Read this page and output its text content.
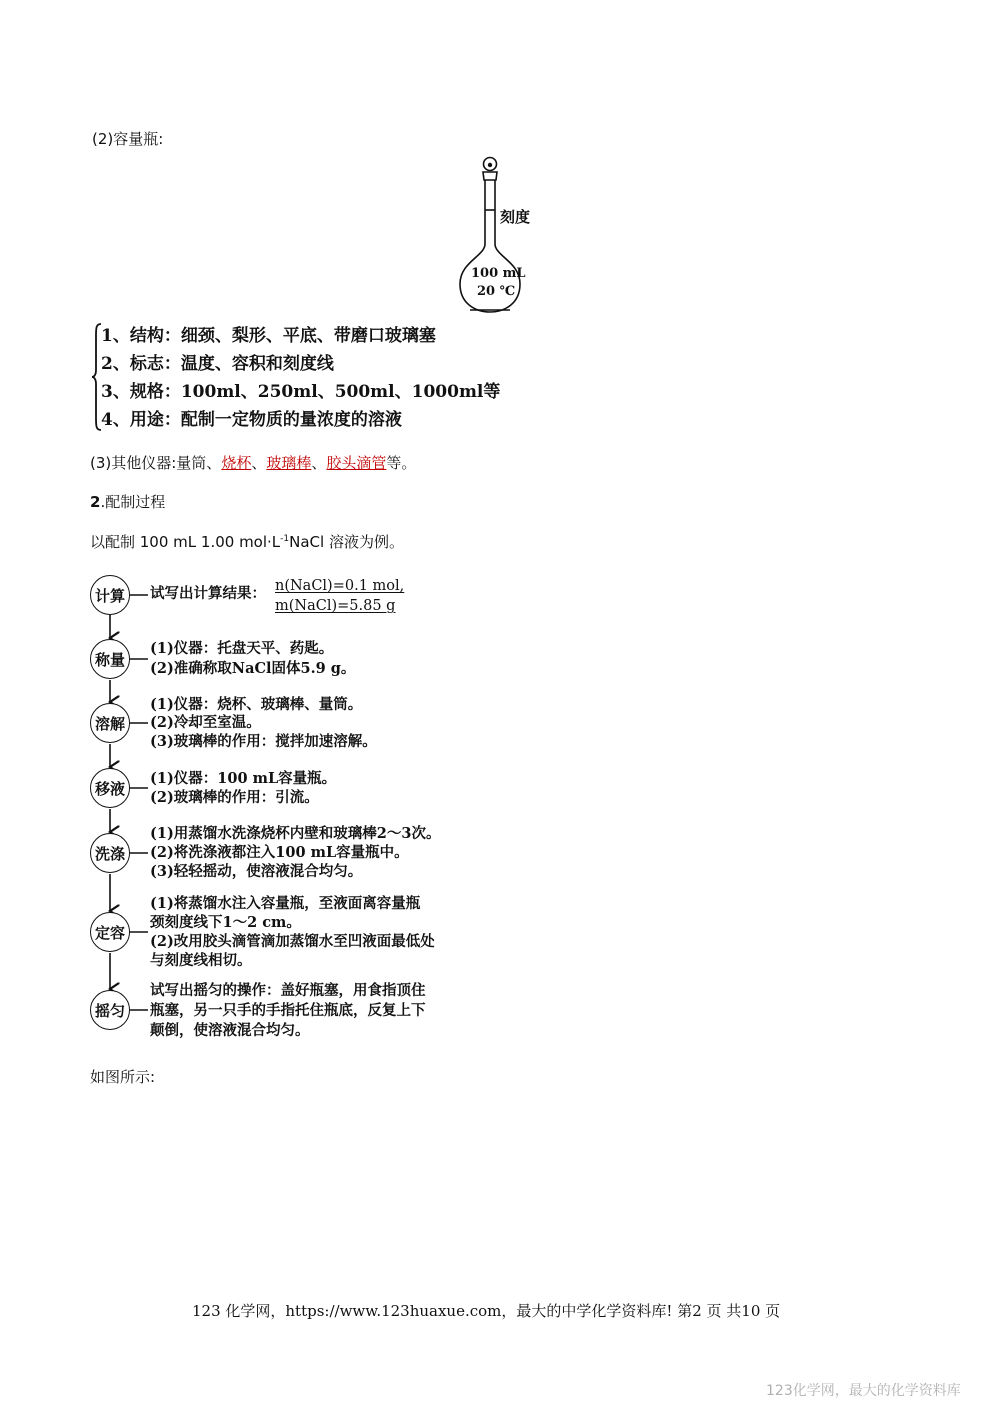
(2)容量瓶:
刻度
100 mL
20 ℃
1、结构：细颈、梨形、平底、带磨口玻璃塞
2、标志：温度、容积和刻度线
3、规格：100ml、250ml、500ml、1000ml等
4、用途：配制一定物质的量浓度的溶液
(3)其他仪器:量筒、烧杯、玻璃棒、胶头滴管等。
2.配制过程
以配制 100 mL 1.00 $mol\cdot L^{-1}NaCl$ 溶液为例。
计算	试写出计算结果： n(NaCl)=0.1 mol,
m(NaCl)=5.85 g
称量
(1)仪器：托盘天平、药匙。
(2)准确称取NaCl固体5.9 g。
溶解
(1)仪器：烧杯、玻璃棒、量筒。
(2)冷却至室温。
(3)玻璃棒的作用：搅拌加速溶解。
移液
(1)仪器：100 mL容量瓶。
(2)玻璃棒的作用：引流。
洗涤
(1)用蒸馏水洗涤烧杯内壁和玻璃棒2～3次。
(2)将洗涤液都注入100 mL容量瓶中。
(3)轻轻摇动，使溶液混合均匀。
定容
(1)将蒸馏水注入容量瓶，至液面离容量瓶
颈刻度线下1～2 cm。
(2)改用胶头滴管滴加蒸馏水至凹液面最低处
与刻度线相切。
摇匀
试写出摇匀的操作：盖好瓶塞，用食指顶住
瓶塞，另一只手的手指托住瓶底，反复上下
颠倒，使溶液混合均匀。
如图所示:
123 化学网，https://www.123huaxue.com，最大的中学化学资料库! 第2 页 共10 页
123化学网，最大的化学资料库
